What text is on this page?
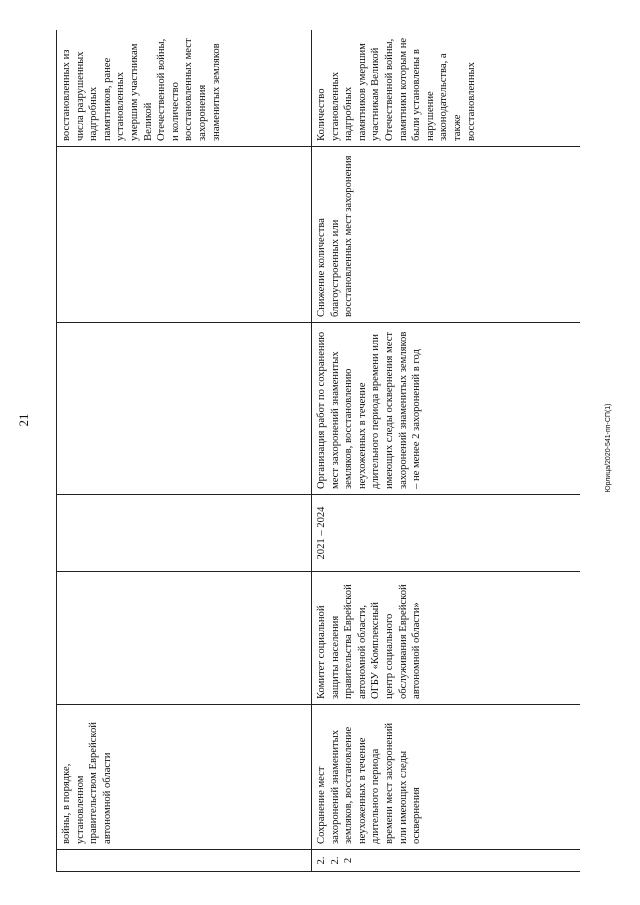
21	Юрлица/2020-541-пп-СП(1)
	войны, в порядке, установленном правительством Еврейской автономной области					восстановленных из числа разрушенных надгробных памятников, ранее установленных умершим участникам Великой Отечественной войны, и количество восстановленных мест захоронения знаменитых земляков
2.2.2	Сохранение мест захоронений знаменитых земляков, восстановление неухоженных в течение длительного периода времени мест захоронений или имеющих следы осквернения	Комитет социальной защиты населения правительства Еврейской автономной области, ОГБУ «Комплексный центр социального обслуживания Еврейской автономной области»	2021 – 2024	Организация работ по сохранению мест захоронений знаменитых земляков, восстановлению неухоженных в течение длительного периода времени или имеющих следы осквернения мест захоронений знаменитых земляков – не менее 2 захоронений в год	Снижение количества благоустроенных или восстановленных мест захоронения	Количество установленных надгробных памятников умершим участникам Великой Отечественной войны, памятники которым не были установлены в нарушение законодательства, а также восстановленных
